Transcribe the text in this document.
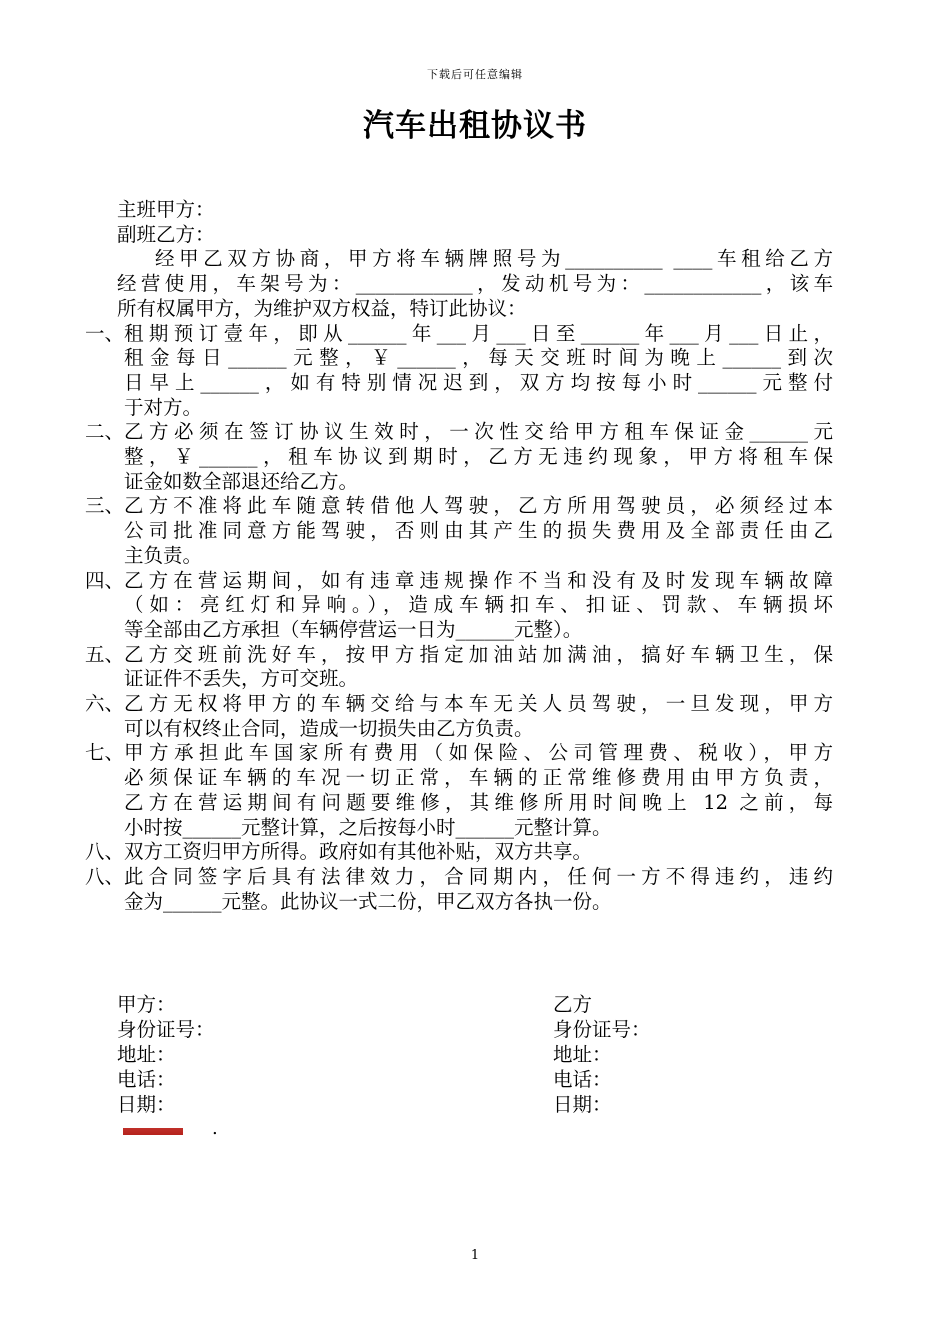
下载后可任意编辑
汽车出租协议书
主班甲方：
副班乙方：
经甲乙双方协商，甲方将车辆牌照号为__________ ____车租给乙方
经营使用，车架号为：____________，发动机号为：____________，该车
所有权属甲方，为维护双方权益，特订此协议：
一、 租期预订壹年，即从______年___月___日至______年___月___日止，
租金每日______元整，￥______，每天交班时间为晚上______到次
日早上______，如有特别情况迟到，双方均按每小时______元整付
于对方。
二、 乙方必须在签订协议生效时，一次性交给甲方租车保证金______元
整，￥______，租车协议到期时，乙方无违约现象，甲方将租车保
证金如数全部退还给乙方。
三、 乙方不准将此车随意转借他人驾驶，乙方所用驾驶员，必须经过本
公司批准同意方能驾驶，否则由其产生的损失费用及全部责任由乙
主负责。
四、 乙方在营运期间，如有违章违规操作不当和没有及时发现车辆故障
（如：亮红灯和异响。），造成车辆扣车、扣证、罚款、车辆损坏
等全部由乙方承担（车辆停营运一日为______元整）。
五、 乙方交班前洗好车，按甲方指定加油站加满油，搞好车辆卫生，保
证证件不丢失，方可交班。
六、 乙方无权将甲方的车辆交给与本车无关人员驾驶，一旦发现，甲方
可以有权终止合同，造成一切损失由乙方负责。
七、 甲方承担此车国家所有费用（如保险、公司管理费、税收），甲方
必须保证车辆的车况一切正常，车辆的正常维修费用由甲方负责，
乙方在营运期间有问题要维修，其维修所用时间晚上 12 之前，每
小时按______元整计算，之后按每小时______元整计算。
八、 双方工资归甲方所得。政府如有其他补贴，双方共享。
八、 此合同签字后具有法律效力，合同期内，任何一方不得违约，违约
金为______元整。此协议一式二份，甲乙双方各执一份。
甲方：
身份证号：
地址：
电话：
日期：
乙方
身份证号：
地址：
电话：
日期：
.
1
